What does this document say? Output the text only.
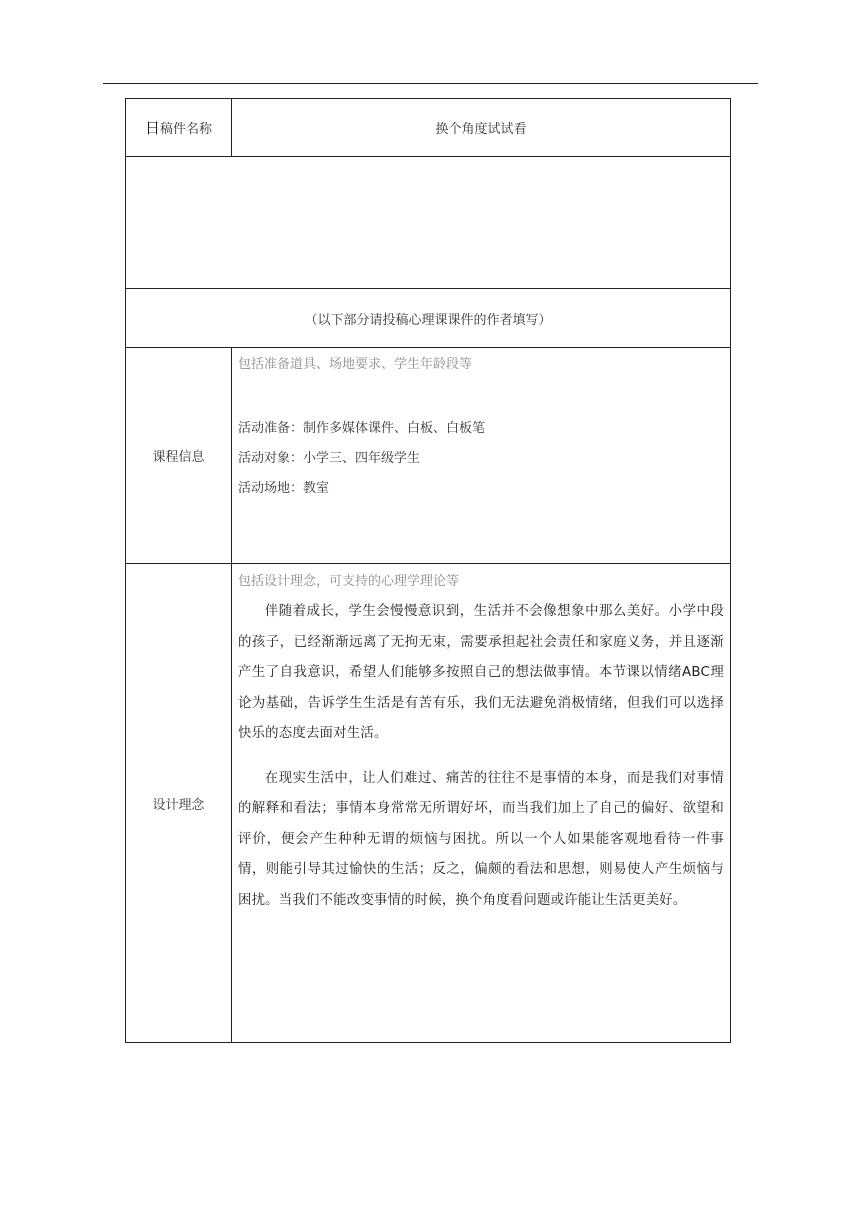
日稿件名称	换个角度试试看

（以下部分请投稿心理课课件的作者填写）	
课程信息	包括准备道具、场地要求、学生年龄段等
活动准备：制作多媒体课件、白板、白板笔
活动对象：小学三、四年级学生
活动场地：教室

设计理念	包括设计理念，可支持的心理学理论等

伴随着成长，学生会慢慢意识到，生活并不会像想象中那么美好。小学中段的孩子，已经渐渐远离了无拘无束，需要承担起社会责任和家庭义务，并且逐渐产生了自我意识，希望人们能够多按照自己的想法做事情。本节课以情绪ABC理论为基础，告诉学生生活是有苦有乐，我们无法避免消极情绪，但我们可以选择快乐的态度去面对生活。

在现实生活中，让人们难过、痛苦的往往不是事情的本身，而是我们对事情的解释和看法；事情本身常常无所谓好坏，而当我们加上了自己的偏好、欲望和评价，便会产生种种无谓的烦恼与困扰。所以一个人如果能客观地看待一件事情，则能引导其过愉快的生活；反之，偏颇的看法和思想，则易使人产生烦恼与困扰。当我们不能改变事情的时候，换个角度看问题或许能让生活更美好。
